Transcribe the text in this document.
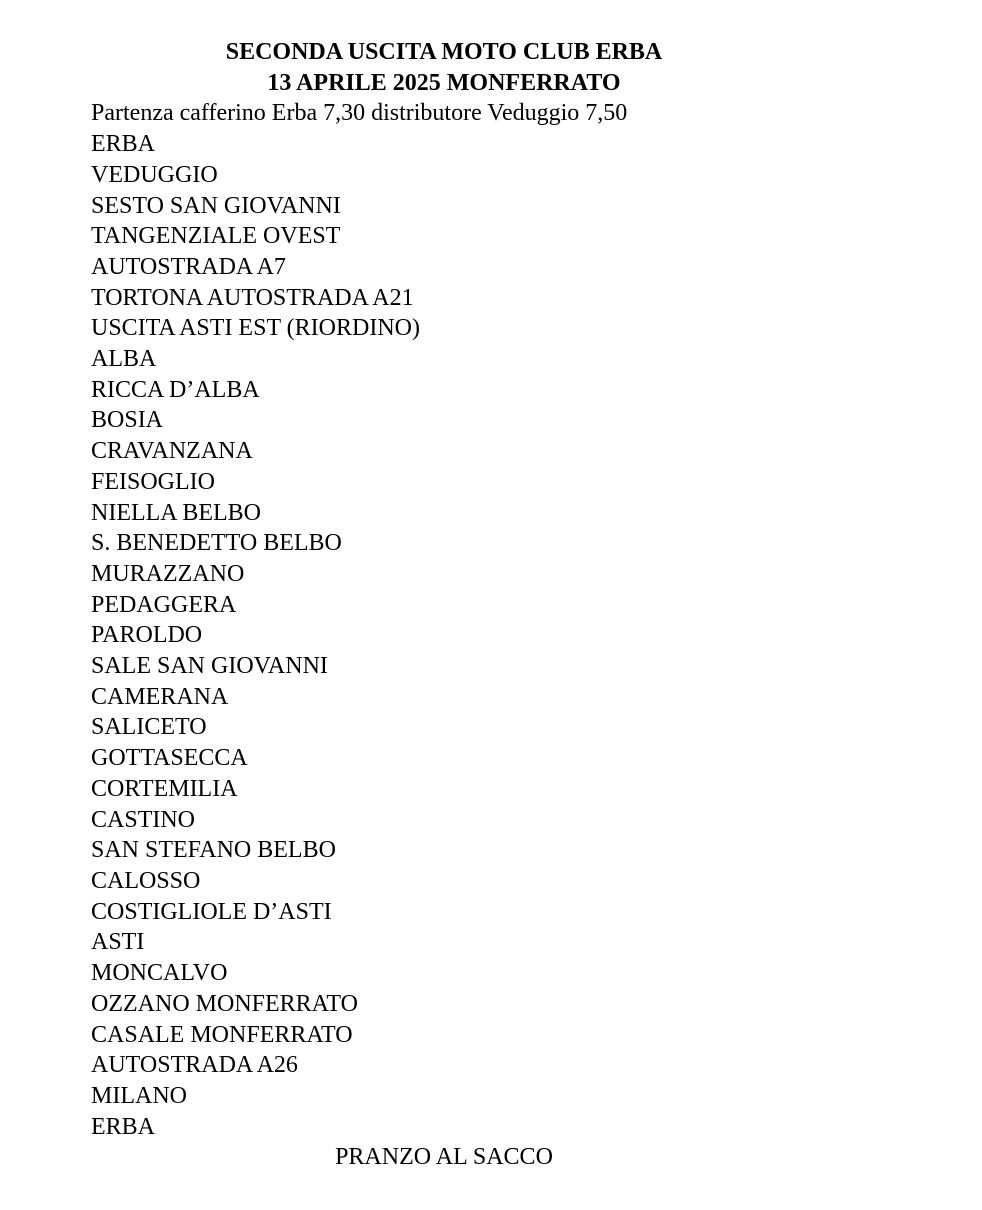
SECONDA USCITA MOTO CLUB ERBA
13 APRILE 2025 MONFERRATO
Partenza cafferino Erba 7,30 distributore Veduggio 7,50
ERBA
VEDUGGIO
SESTO SAN GIOVANNI
TANGENZIALE OVEST
AUTOSTRADA A7
TORTONA AUTOSTRADA A21
USCITA ASTI EST (RIORDINO)
ALBA
RICCA D’ALBA
BOSIA
CRAVANZANA
FEISOGLIO
NIELLA BELBO
S. BENEDETTO BELBO
MURAZZANO
PEDAGGERA
PAROLDO
SALE SAN GIOVANNI
CAMERANA
SALICETO
GOTTASECCA
CORTEMILIA
CASTINO
SAN STEFANO BELBO
CALOSSO
COSTIGLIOLE D’ASTI
ASTI
MONCALVO
OZZANO MONFERRATO
CASALE MONFERRATO
AUTOSTRADA A26
MILANO
ERBA
PRANZO AL SACCO
